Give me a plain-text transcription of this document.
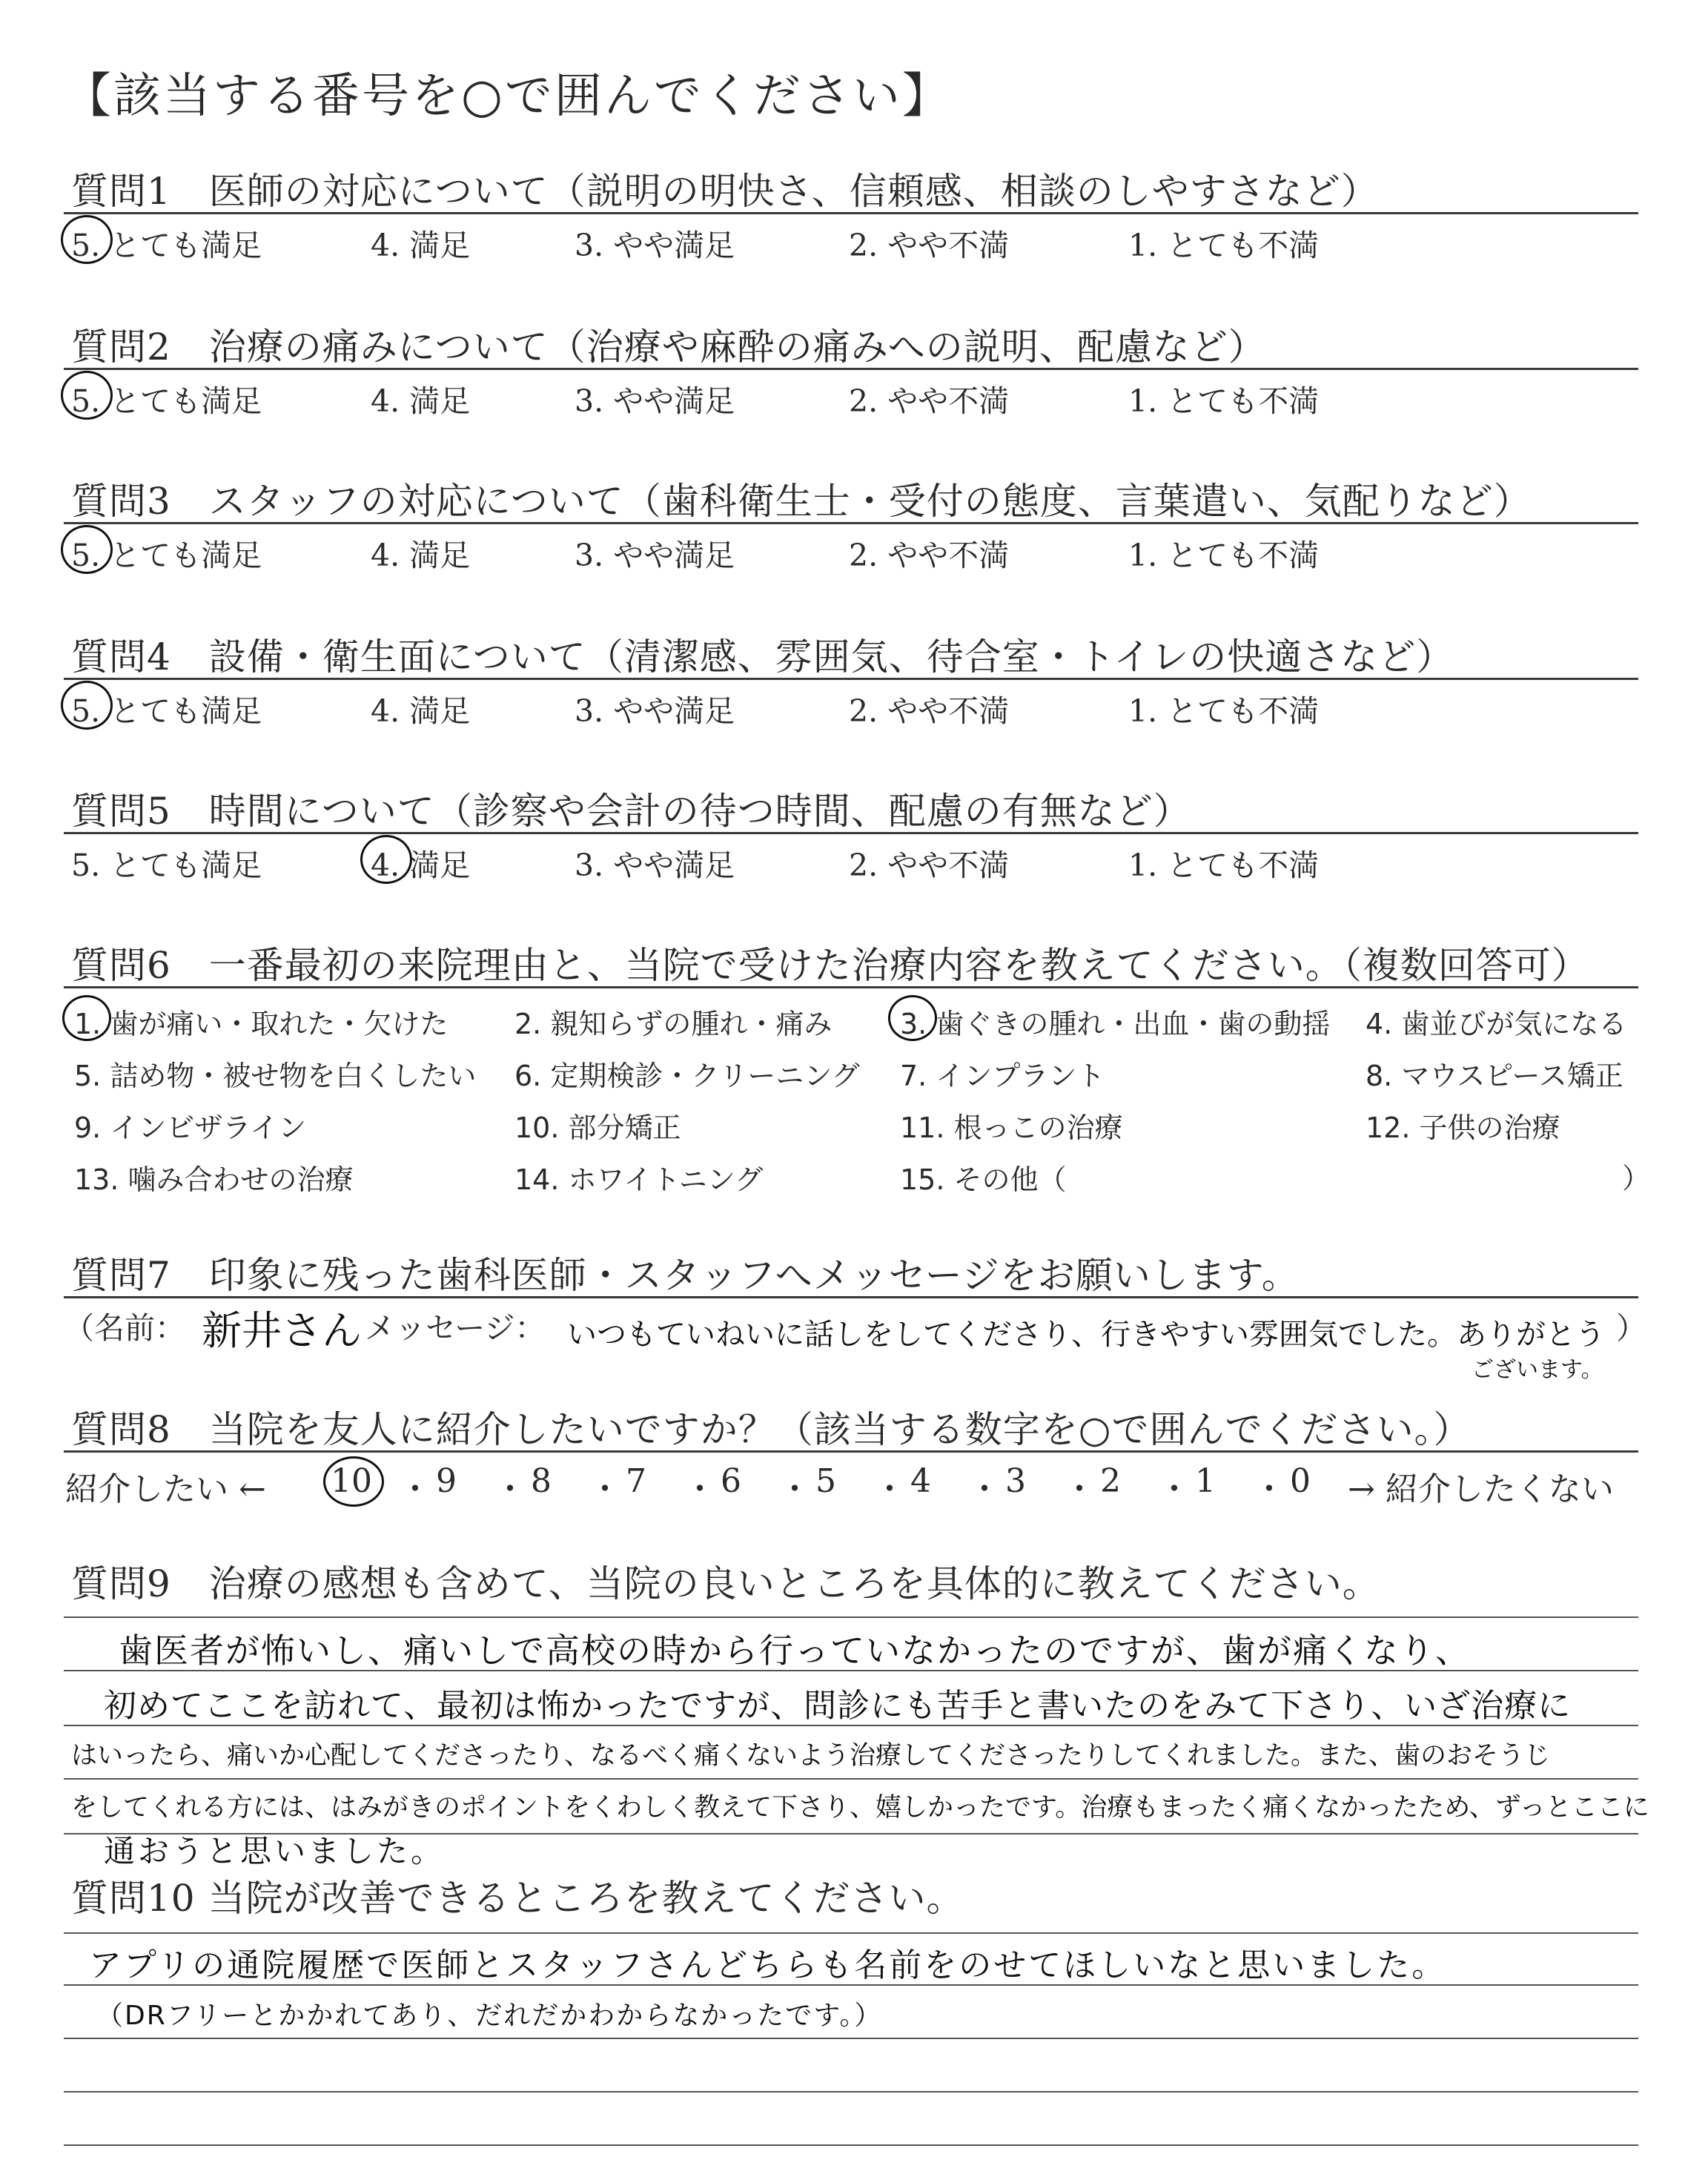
【該当する番号を○で囲んでください】
質問1　医師の対応について（説明の明快さ、信頼感、相談のしやすさなど）
5. とても満足	4. 満足	3. やや満足	2. やや不満	1. とても不満
質問2　治療の痛みについて（治療や麻酔の痛みへの説明、配慮など）
5. とても満足	4. 満足	3. やや満足	2. やや不満	1. とても不満
質問3　スタッフの対応について（歯科衛生士・受付の態度、言葉遣い、気配りなど）
5. とても満足	4. 満足	3. やや満足	2. やや不満	1. とても不満
質問4　設備・衛生面について（清潔感、雰囲気、待合室・トイレの快適さなど）
5. とても満足	4. 満足	3. やや満足	2. やや不満	1. とても不満
質問5　時間について（診察や会計の待つ時間、配慮の有無など）
5. とても満足	4. 満足	3. やや満足	2. やや不満	1. とても不満
質問6　一番最初の来院理由と、当院で受けた治療内容を教えてください。（複数回答可）
1. 歯が痛い・取れた・欠けた 2. 親知らずの腫れ・痛み 3. 歯ぐきの腫れ・出血・歯の動揺 4. 歯並びが気になる
5. 詰め物・被せ物を白くしたい 6. 定期検診・クリーニング 7. インプラント	8. マウスピース矯正
9. インビザライン	10. 部分矯正	11. 根っこの治療	12. 子供の治療
13. 噛み合わせの治療	14. ホワイトニング	15. その他（	）
質問7　印象に残った歯科医師・スタッフへメッセージをお願いします。
（名前： 新井さん メッセージ： いつもていねいに話しをしてくださり、行きやすい雰囲気でした。ありがとう
ございます。
）
質問8　当院を友人に紹介したいですか？（該当する数字を○で囲んでください。）
紹介したい ← 10 ・ 9 ・ 8 ・ 7 ・ 6 ・ 5 ・ 4 ・ 3 ・ 2 ・ 1 ・ 0 → 紹介したくない
質問9　治療の感想も含めて、当院の良いところを具体的に教えてください。
歯医者が怖いし、痛いしで高校の時から行っていなかったのですが、歯が痛くなり、
初めてここを訪れて、最初は怖かったですが、問診にも苦手と書いたのをみて下さり、いざ治療に
はいったら、痛いか心配してくださったり、なるべく痛くないよう治療してくださったりしてくれました。また、歯のおそうじ
をしてくれる方には、はみがきのポイントをくわしく教えて下さり、嬉しかったです。治療もまったく痛くなかったため、ずっとここに
通おうと思いました。
質問10 当院が改善できるところを教えてください。
アプリの通院履歴で医師とスタッフさんどちらも名前をのせてほしいなと思いました。
（DRフリーとかかれてあり、だれだかわからなかったです。）
